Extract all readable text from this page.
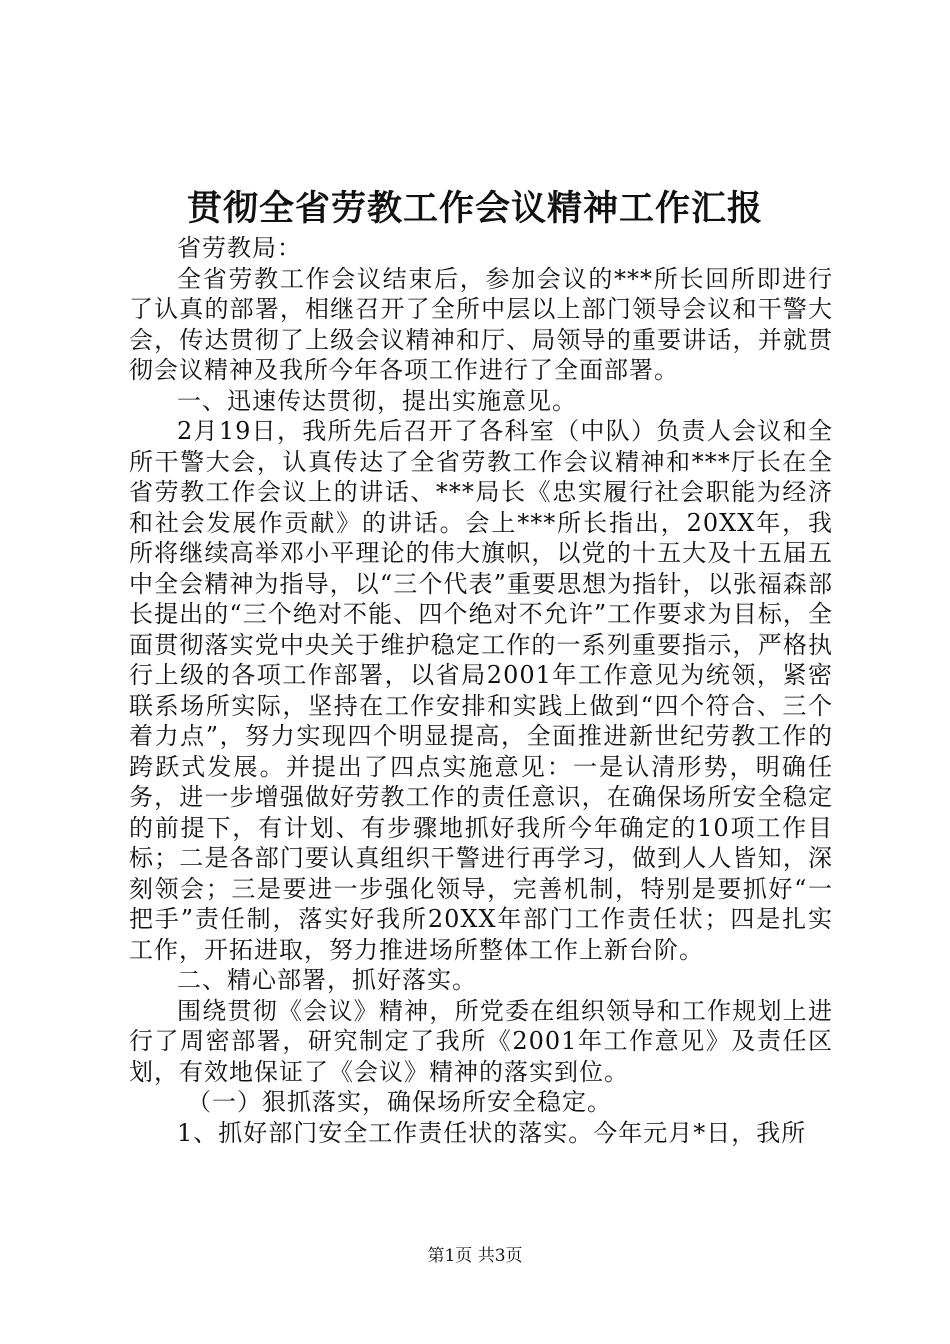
贯彻全省劳教工作会议精神工作汇报

省劳教局：

全省劳教工作会议结束后，参加会议的***所长回所即进行了认真的部署，相继召开了全所中层以上部门领导会议和干警大会，传达贯彻了上级会议精神和厅、局领导的重要讲话，并就贯彻会议精神及我所今年各项工作进行了全面部署。

一、迅速传达贯彻，提出实施意见。

2月19日，我所先后召开了各科室（中队）负责人会议和全所干警大会，认真传达了全省劳教工作会议精神和***厅长在全省劳教工作会议上的讲话、***局长《忠实履行社会职能为经济和社会发展作贡献》的讲话。会上***所长指出，20XX年，我所将继续高举邓小平理论的伟大旗帜，以党的十五大及十五届五中全会精神为指导，以“三个代表”重要思想为指针，以张福森部长提出的“三个绝对不能、四个绝对不允许”工作要求为目标，全面贯彻落实党中央关于维护稳定工作的一系列重要指示，严格执行上级的各项工作部署，以省局2001年工作意见为统领，紧密联系场所实际，坚持在工作安排和实践上做到“四个符合、三个着力点”，努力实现四个明显提高，全面推进新世纪劳教工作的跨跃式发展。并提出了四点实施意见：一是认清形势，明确任务，进一步增强做好劳教工作的责任意识，在确保场所安全稳定的前提下，有计划、有步骤地抓好我所今年确定的10项工作目标；二是各部门要认真组织干警进行再学习，做到人人皆知，深刻领会；三是要进一步强化领导，完善机制，特别是要抓好“一把手”责任制，落实好我所20XX年部门工作责任状；四是扎实工作，开拓进取，努力推进场所整体工作上新台阶。

二、精心部署，抓好落实。

围绕贯彻《会议》精神，所党委在组织领导和工作规划上进行了周密部署，研究制定了我所《2001年工作意见》及责任区划，有效地保证了《会议》精神的落实到位。

（一）狠抓落实，确保场所安全稳定。

1、抓好部门安全工作责任状的落实。今年元月*日，我所

第1页 共3页
